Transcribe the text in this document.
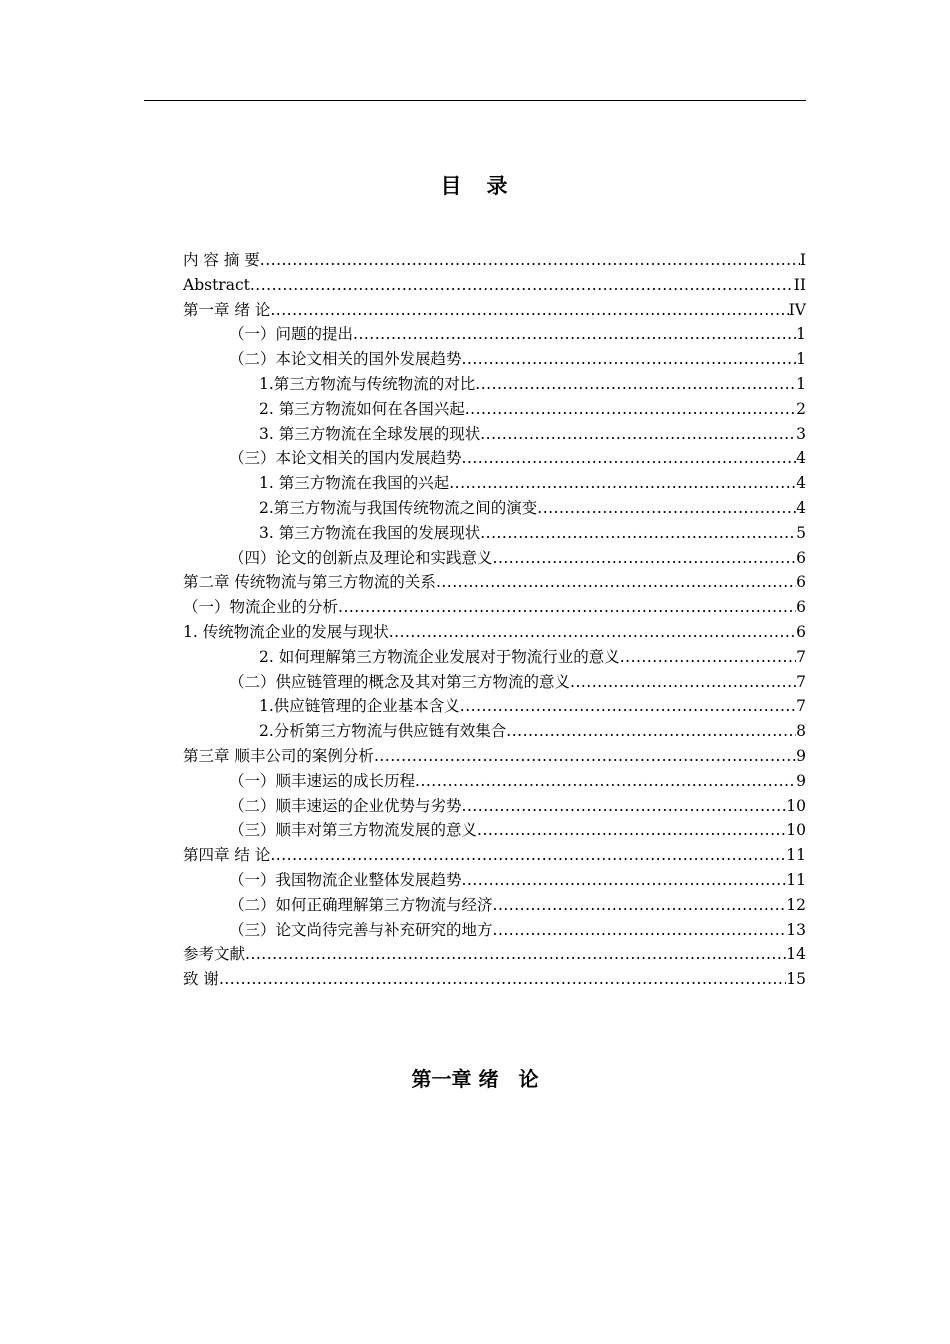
目　录
内 容 摘 要 .....	I
Abstract .....	II
第一章 绪 论 .....	IV
（一）问题的提出 .....	1
（二）本论文相关的国外发展趋势 .....	1
1.第三方物流与传统物流的对比 .....	1
2. 第三方物流如何在各国兴起 .....	2
3. 第三方物流在全球发展的现状 .....	3
（三）本论文相关的国内发展趋势 .....	4
1. 第三方物流在我国的兴起 .....	4
2.第三方物流与我国传统物流之间的演变 .....	4
3. 第三方物流在我国的发展现状 .....	5
（四）论文的创新点及理论和实践意义 .....	6
第二章 传统物流与第三方物流的关系 .....	6
（一）物流企业的分析 .....	6
1. 传统物流企业的发展与现状 .....	6
2. 如何理解第三方物流企业发展对于物流行业的意义 .....	7
（二）供应链管理的概念及其对第三方物流的意义 .....	7
1.供应链管理的企业基本含义 .....	7
2.分析第三方物流与供应链有效集合 .....	8
第三章 顺丰公司的案例分析 .....	9
（一）顺丰速运的成长历程 .....	9
（二）顺丰速运的企业优势与劣势 .....	10
（三）顺丰对第三方物流发展的意义 .....	10
第四章 结 论 .....	11
（一）我国物流企业整体发展趋势 .....	11
（二）如何正确理解第三方物流与经济 .....	12
（三）论文尚待完善与补充研究的地方 .....	13
参考文献 .....	14
致 谢 .....	15
第一章 绪　论
